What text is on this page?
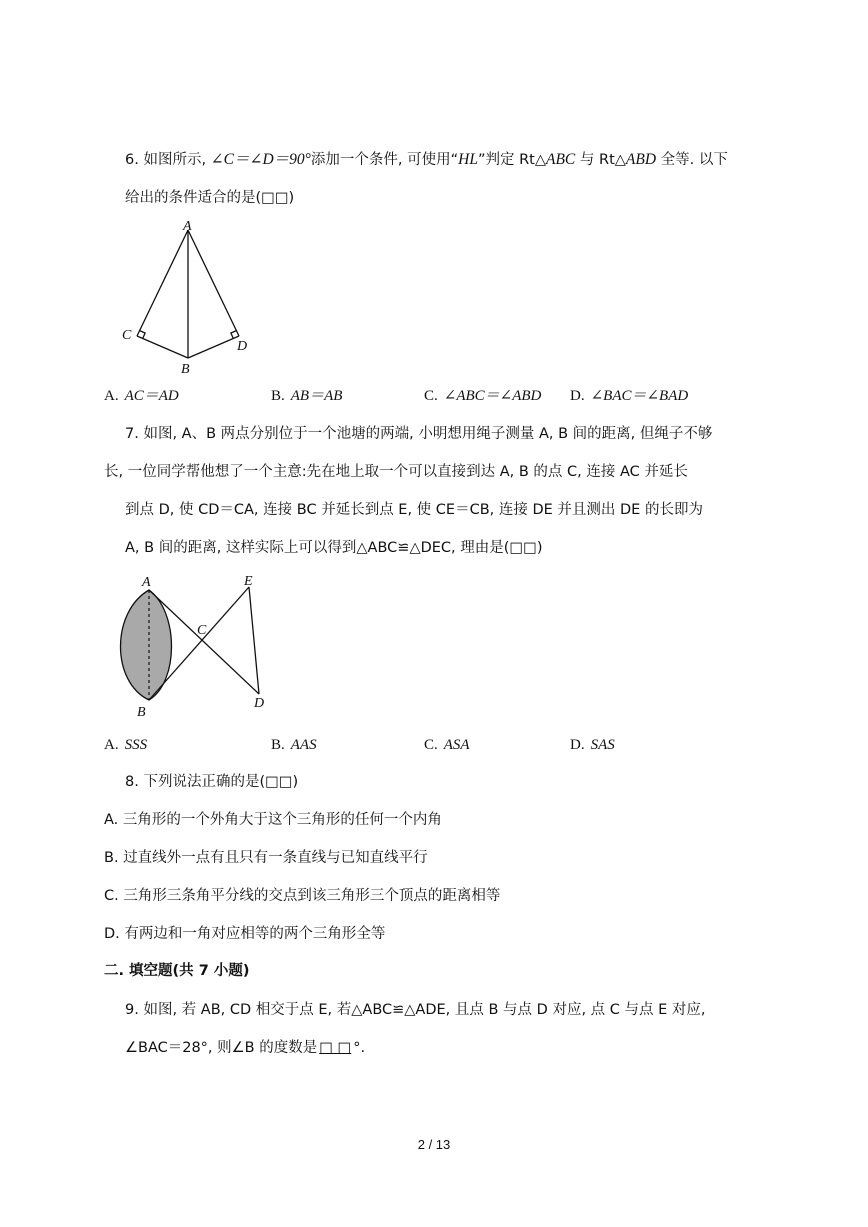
6. 如图所示, ∠C＝∠D＝90°添加一个条件, 可使用“HL”判定 Rt△ABC 与 Rt△ABD 全等. 以下
给出的条件适合的是(□□)
A
C
B
D
A. AC＝AD	B. AB＝AB	C. ∠ABC＝∠ABD D. ∠BAC＝∠BAD
7. 如图, A、B 两点分别位于一个池塘的两端, 小明想用绳子测量 A, B 间的距离, 但绳子不够
长, 一位同学帮他想了一个主意:先在地上取一个可以直接到达 A, B 的点 C, 连接 AC 并延长
到点 D, 使 CD＝CA, 连接 BC 并延长到点 E, 使 CE＝CB, 连接 DE 并且测出 DE 的长即为
A, B 间的距离, 这样实际上可以得到△ABC≌△DEC, 理由是(□□)
A
B
C
E
D
A. SSS	B. AAS	C. ASA	D. SAS
8. 下列说法正确的是(□□)
A. 三角形的一个外角大于这个三角形的任何一个内角
B. 过直线外一点有且只有一条直线与已知直线平行
C. 三角形三条角平分线的交点到该三角形三个顶点的距离相等
D. 有两边和一角对应相等的两个三角形全等
二. 填空题(共 7 小题)
9. 如图, 若 AB, CD 相交于点 E, 若△ABC≌△ADE, 且点 B 与点 D 对应, 点 C 与点 E 对应,
∠BAC＝28°, 则∠B 的度数是 □ □ °.
2 / 13
